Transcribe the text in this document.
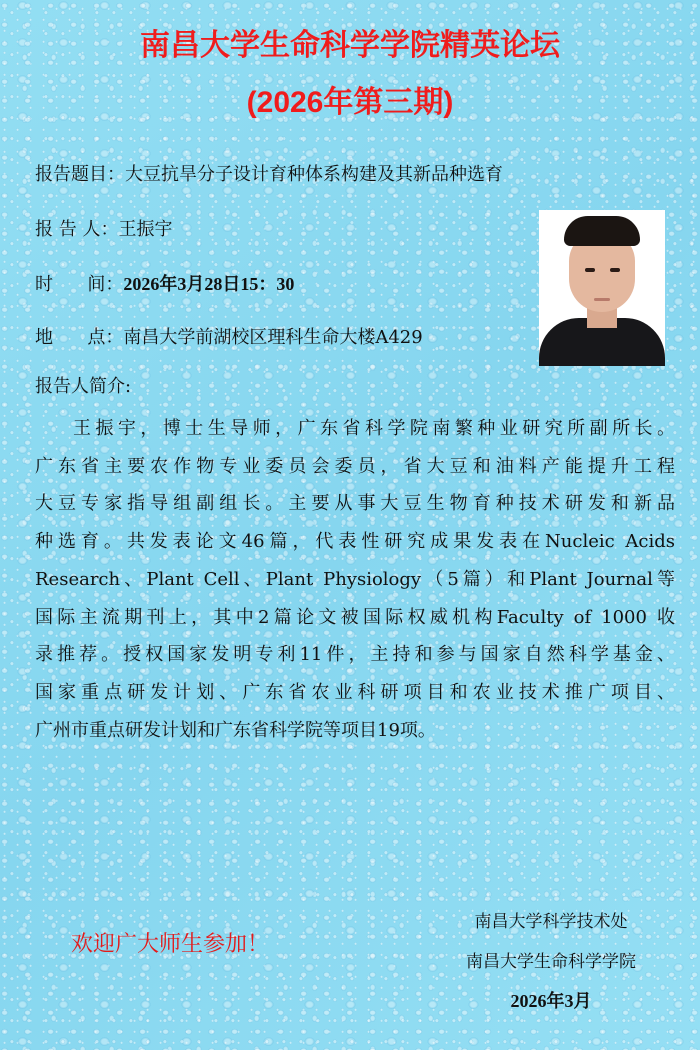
南昌大学生命科学学院精英论坛
(2026年第三期)
报告题目： 大豆抗旱分子设计育种体系构建及其新品种选育
报 告 人： 王振宇
时      间： 2026年3月28日15：30
地      点： 南昌大学前湖校区理科生命大楼A429
报告人简介:
王振宇，博士生导师，广东省科学院南繁种业研究所副所长。
广东省主要农作物专业委员会委员，省大豆和油料产能提升工程
大豆专家指导组副组长。主要从事大豆生物育种技术研发和新品
种选育。共发表论文46篇，代表性研究成果发表在Nucleic Acids
Research、Plant Cell、Plant Physiology（5篇）和Plant Journal等
国际主流期刊上，其中2篇论文被国际权威机构Faculty of 1000 收
录推荐。授权国家发明专利11件，主持和参与国家自然科学基金、
国家重点研发计划、广东省农业科研项目和农业技术推广项目、
广州市重点研发计划和广东省科学院等项目19项。
欢迎广大师生参加！
南昌大学科学技术处
南昌大学生命科学学院
2026年3月
